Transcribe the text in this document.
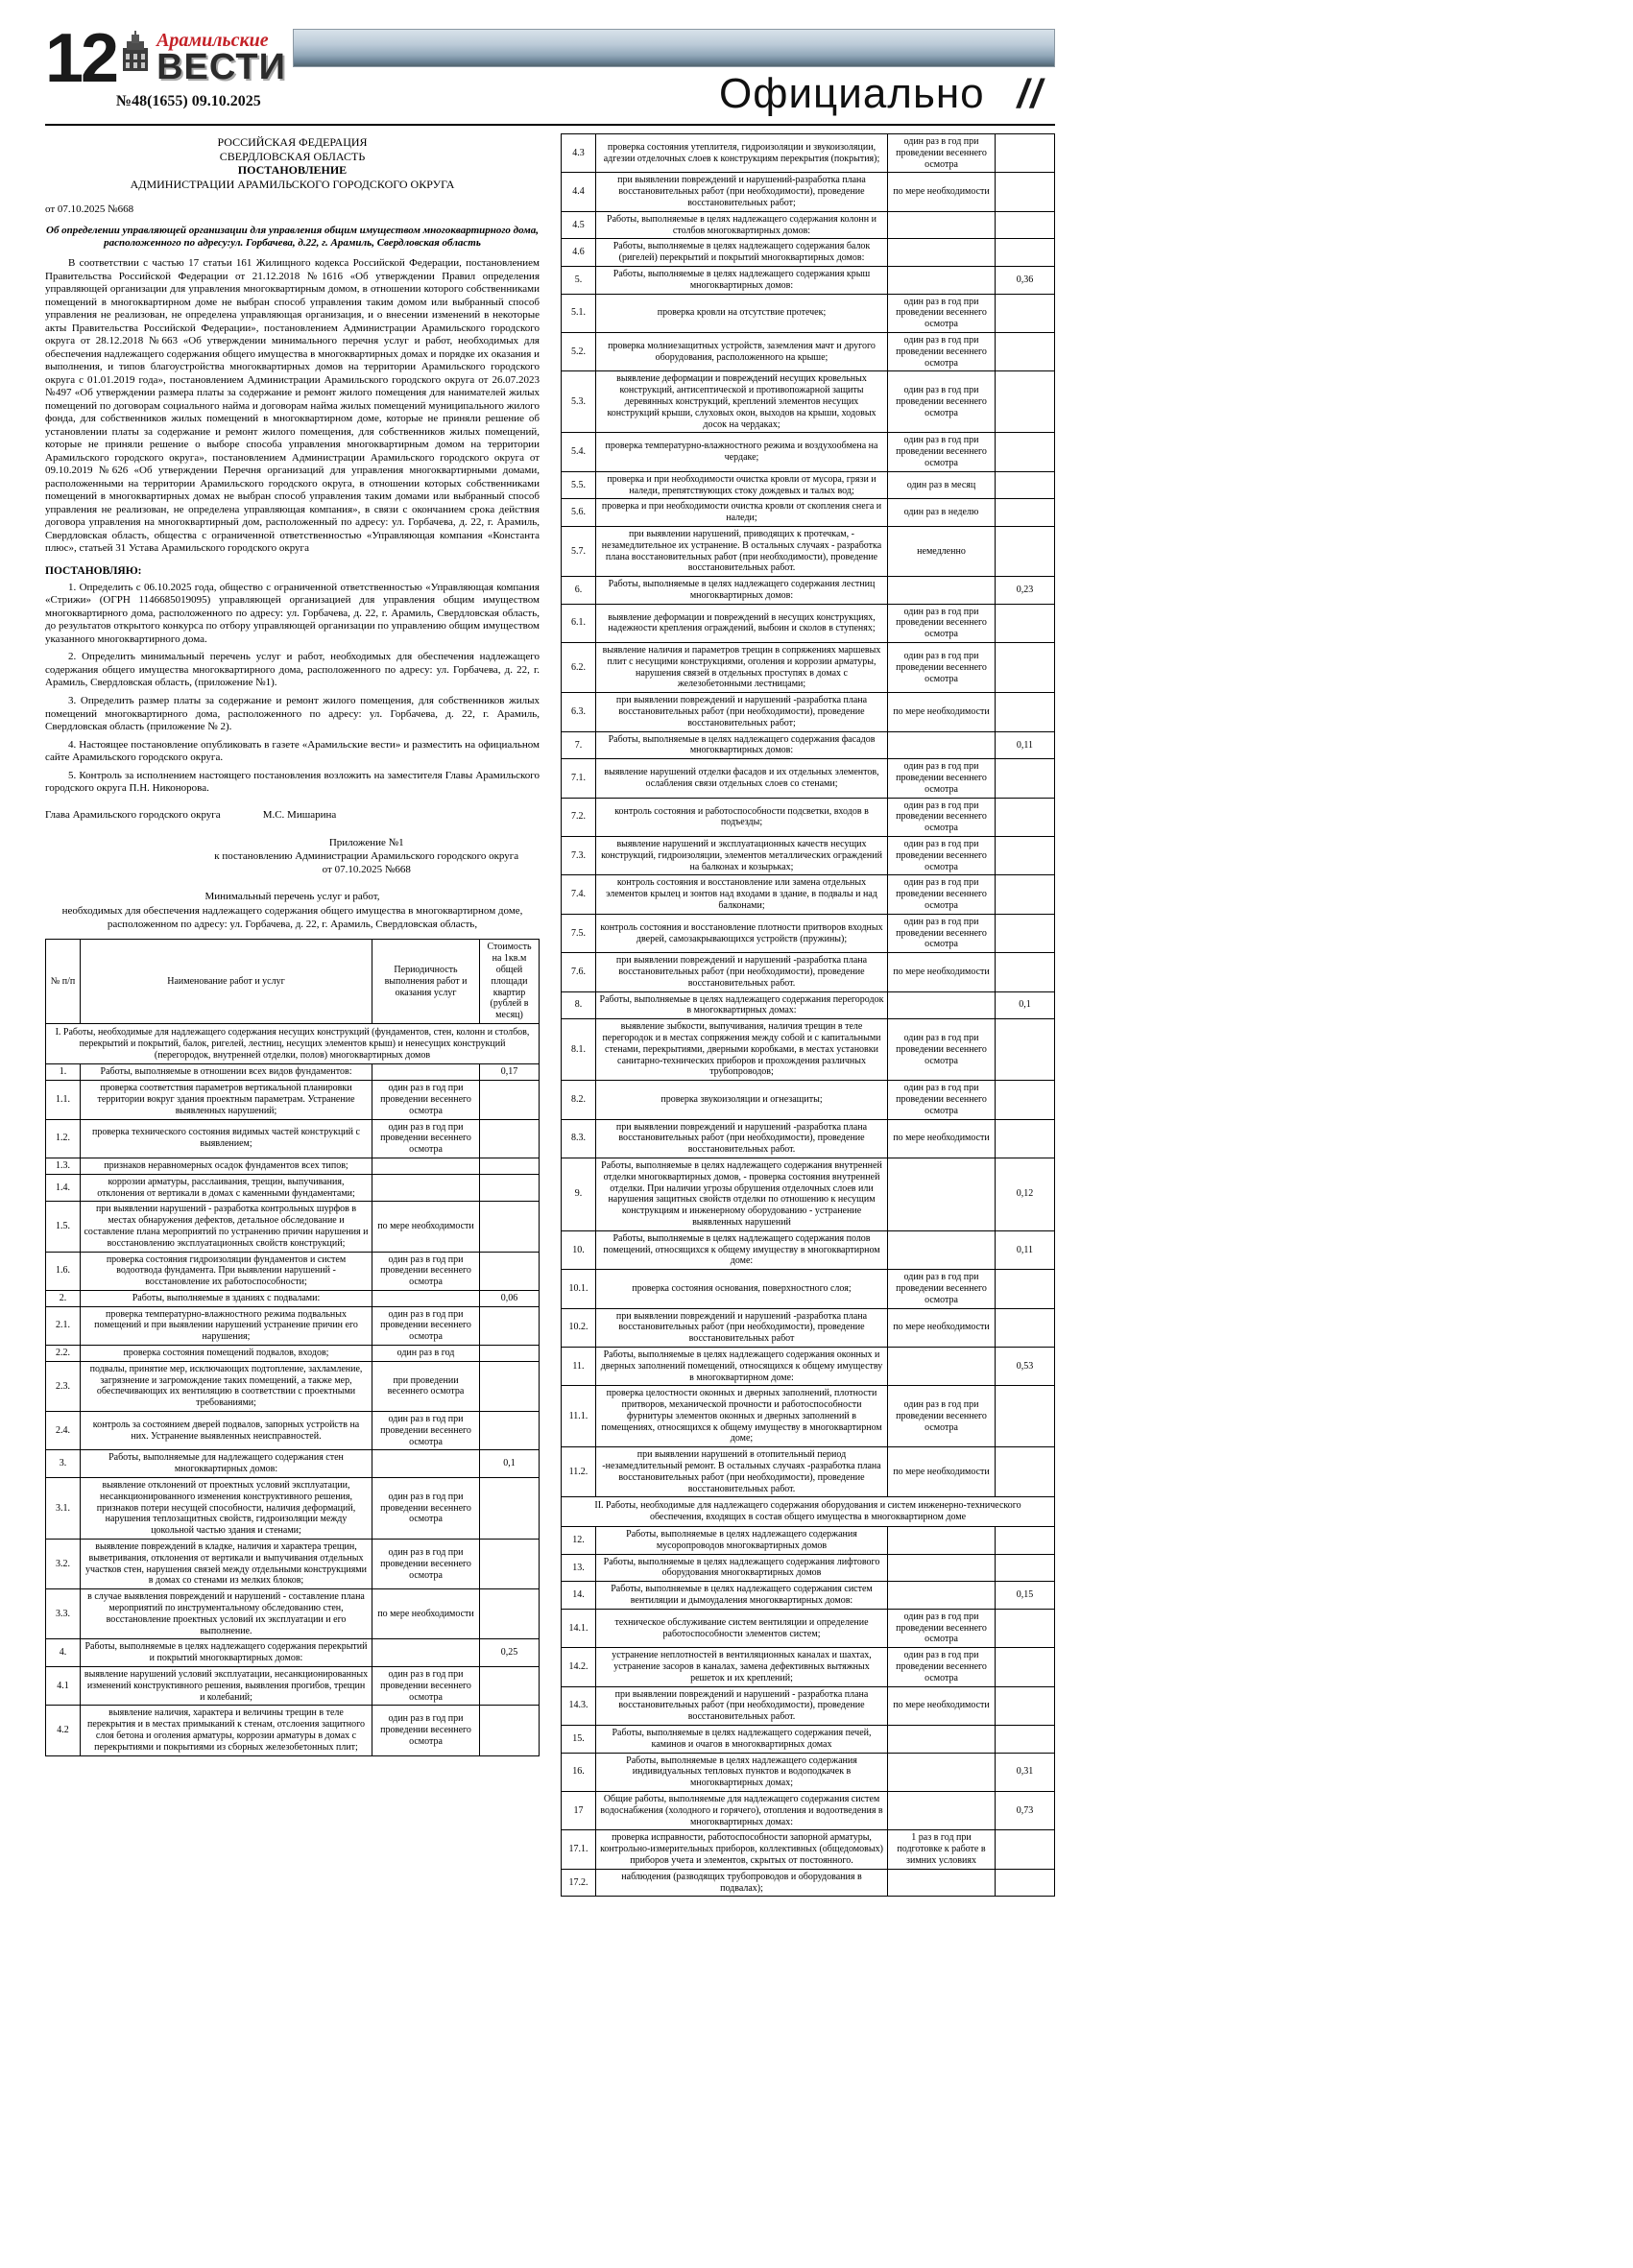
12 Арамильские
ВЕСТИ
№48(1655) 09.10.2025	Официально //
РОССИЙСКАЯ ФЕДЕРАЦИЯ
СВЕРДЛОВСКАЯ ОБЛАСТЬ
ПОСТАНОВЛЕНИЕ
АДМИНИСТРАЦИИ АРАМИЛЬСКОГО ГОРОДСКОГО ОКРУГА
от 07.10.2025 №668
Об определении управляющей организации для управления общим имуществом многоквартирного дома, расположенного по адресу:ул. Горбачева, д.22, г. Арамиль, Свердловская область
В соответствии с частью 17 статьи 161 Жилищного кодекса Российской Федерации, постановлением Правительства Российской Федерации от 21.12.2018 №1616 «Об утверждении Правил определения управляющей организации для управления многоквартирным домом, в отношении которого собственниками помещений в многоквартирном доме не выбран способ управления таким домом или выбранный способ управления не реализован, не определена управляющая организация, и о внесении изменений в некоторые акты Правительства Российской Федерации», постановлением Администрации Арамильского городского округа от 28.12.2018 №663 «Об утверждении минимального перечня услуг и работ, необходимых для обеспечения надлежащего содержания общего имущества в многоквартирных домах и порядке их оказания и выполнения, и типов благоустройства многоквартирных домов на территории Арамильского городского округа с 01.01.2019 года», постановлением Администрации Арамильского городского округа от 26.07.2023 №497 «Об утверждении размера платы за содержание и ремонт жилого помещения для нанимателей жилых помещений по договорам социального найма и договорам найма жилых помещений муниципального жилого фонда, для собственников жилых помещений в многоквартирном доме, которые не приняли решение об установлении платы за содержание и ремонт жилого помещения, для собственников жилых помещений, которые не приняли решение о выборе способа управления многоквартирным домом на территории Арамильского городского округа», постановлением Администрации Арамильского городского округа от 09.10.2019 №626 «Об утверждении Перечня организаций для управления многоквартирными домами, расположенными на территории Арамильского городского округа, в отношении которых собственниками помещений в многоквартирных домах не выбран способ управления таким домами или выбранный способ управления не реализован, не определена управляющая компания», в связи с окончанием срока действия договора управления на многоквартирный дом, расположенный по адресу: ул. Горбачева, д. 22, г. Арамиль, Свердловская область, общества с ограниченной ответственностью «Управляющая компания «Константа плюс», статьей 31 Устава Арамильского городского округа
ПОСТАНОВЛЯЮ:
1. Определить с 06.10.2025 года, общество с ограниченной ответственностью «Управляющая компания «Стрижи» (ОГРН 1146685019095) управляющей организацией для управления общим имуществом многоквартирного дома, расположенного по адресу: ул. Горбачева, д. 22, г. Арамиль, Свердловская область, до результатов открытого конкурса по отбору управляющей организации по управлению общим имуществом указанного многоквартирного дома.
2. Определить минимальный перечень услуг и работ, необходимых для обеспечения надлежащего содержания общего имущества многоквартирного дома, расположенного по адресу: ул. Горбачева, д. 22, г. Арамиль, Свердловская область, (приложение №1).
3. Определить размер платы за содержание и ремонт жилого помещения, для собственников жилых помещений многоквартирного дома, расположенного по адресу: ул. Горбачева, д. 22, г. Арамиль, Свердловская область (приложение № 2).
4. Настоящее постановление опубликовать в газете «Арамильские вести» и разместить на официальном сайте Арамильского городского округа.
5. Контроль за исполнением настоящего постановления возложить на заместителя Главы Арамильского городского округа П.Н. Никонорова.
Глава Арамильского городского округа	М.С. Мишарина
Приложение №1
к постановлению Администрации Арамильского городского округа
от 07.10.2025 №668
Минимальный перечень услуг и работ,
необходимых для обеспечения надлежащего содержания общего имущества в многоквартирном доме,
расположенном по адресу: ул. Горбачева, д. 22, г. Арамиль, Свердловская область,
№ п/п	Наименование работ и услуг	Периодичность выполнения работ и оказания услуг	Стоимость на 1кв.м общей площади квартир (рублей в месяц)
I. Работы, необходимые для надлежащего содержания несущих конструкций (фундаментов, стен, колонн и столбов, перекрытий и покрытий, балок, ригелей, лестниц, несущих элементов крыш) и ненесущих конструкций (перегородок, внутренней отделки, полов) многоквартирных домов			
1.	Работы, выполняемые в отношении всех видов фундаментов:		0,17
1.1.	проверка соответствия параметров вертикальной планировки территории вокруг здания проектным параметрам. Устранение выявленных нарушений;	один раз в год при проведении весеннего осмотра	
1.2.	проверка технического состояния видимых частей конструкций с выявлением;	один раз в год при проведении весеннего осмотра	
1.3.	признаков неравномерных осадок фундаментов всех типов;		
1.4.	коррозии арматуры, расслаивания, трещин, выпучивания, отклонения от вертикали в домах с каменными фундаментами;		
1.5.	при выявлении нарушений - разработка контрольных шурфов в местах обнаружения дефектов, детальное обследование и составление плана мероприятий по устранению причин нарушения и восстановлению эксплуатационных свойств конструкций;	по мере необходимости	
1.6.	проверка состояния гидроизоляции фундаментов и систем водоотвода фундамента. При выявлении нарушений - восстановление их работоспособности;	один раз в год при проведении весеннего осмотра	
2.	Работы, выполняемые в зданиях с подвалами:		0,06
2.1.	проверка температурно-влажностного режима подвальных помещений и при выявлении нарушений устранение причин его нарушения;	один раз в год при проведении весеннего осмотра	
2.2.	проверка состояния помещений подвалов, входов;	один раз в год	
2.3.	подвалы, принятие мер, исключающих подтопление, захламление, загрязнение и загромождение таких помещений, а также мер, обеспечивающих их вентиляцию в соответствии с проектными требованиями;	при проведении весеннего осмотра	
2.4.	контроль за состоянием дверей подвалов, запорных устройств на них. Устранение выявленных неисправностей.	один раз в год при проведении весеннего осмотра	
3.	Работы, выполняемые для надлежащего содержания стен многоквартирных домов:		0,1
3.1.	выявление отклонений от проектных условий эксплуатации, несанкционированного изменения конструктивного решения, признаков потери несущей способности, наличия деформаций, нарушения теплозащитных свойств, гидроизоляции между цокольной частью здания и стенами;	один раз в год при проведении весеннего осмотра	
3.2.	выявление повреждений в кладке, наличия и характера трещин, выветривания, отклонения от вертикали и выпучивания отдельных участков стен, нарушения связей между отдельными конструкциями в домах со стенами из мелких блоков;	один раз в год при проведении весеннего осмотра	
3.3.	в случае выявления повреждений и нарушений - составление плана мероприятий по инструментальному обследованию стен, восстановление проектных условий их эксплуатации и его выполнение.	по мере необходимости	
4.	Работы, выполняемые в целях надлежащего содержания перекрытий и покрытий многоквартирных домов:		0,25
4.1	выявление нарушений условий эксплуатации, несанкционированных изменений конструктивного решения, выявления прогибов, трещин и колебаний;	один раз в год при проведении весеннего осмотра	
4.2	выявление наличия, характера и величины трещин в теле перекрытия и в местах примыканий к стенам, отслоения защитного слоя бетона и оголения арматуры, коррозии арматуры в домах с перекрытиями и покрытиями из сборных железобетонных плит;	один раз в год при проведении весеннего осмотра	
4.3	проверка состояния утеплителя, гидроизоляции и звукоизоляции, адгезии отделочных слоев к конструкциям перекрытия (покрытия);	один раз в год при проведении весеннего осмотра	
4.4	при выявлении повреждений и нарушений-разработка плана восстановительных работ (при необходимости), проведение восстановительных работ;	по мере необходимости	
4.5	Работы, выполняемые в целях надлежащего содержания колонн и столбов многоквартирных домов:		
4.6	Работы, выполняемые в целях надлежащего содержания балок (ригелей) перекрытий и покрытий многоквартирных домов:		
5.	Работы, выполняемые в целях надлежащего содержания крыш многоквартирных домов:		0,36
5.1.	проверка кровли на отсутствие протечек;	один раз в год при проведении весеннего осмотра	
5.2.	проверка молниезащитных устройств, заземления мачт и другого оборудования, расположенного на крыше;	один раз в год при проведении весеннего осмотра	
5.3.	выявление деформации и повреждений несущих кровельных конструкций, антисептической и противопожарной защиты деревянных конструкций, креплений элементов несущих конструкций крыши, слуховых окон, выходов на крыши, ходовых досок на чердаках;	один раз в год при проведении весеннего осмотра	
5.4.	проверка температурно-влажностного режима и воздухообмена на чердаке;	один раз в год при проведении весеннего осмотра	
5.5.	проверка и при необходимости очистка кровли от мусора, грязи и наледи, препятствующих стоку дождевых и талых вод;	один раз в месяц	
5.6.	проверка и при необходимости очистка кровли от скопления снега и наледи;	один раз в неделю	
5.7.	при выявлении нарушений, приводящих к протечкам, - незамедлительное их устранение. В остальных случаях - разработка плана восстановительных работ (при необходимости), проведение восстановительных работ.	немедленно	
6.	Работы, выполняемые в целях надлежащего содержания лестниц многоквартирных домов:		0,23
6.1.	выявление деформации и повреждений в несущих конструкциях, надежности крепления ограждений, выбоин и сколов в ступенях;	один раз в год при проведении весеннего осмотра	
6.2.	выявление наличия и параметров трещин в сопряжениях маршевых плит с несущими конструкциями, оголения и коррозии арматуры, нарушения связей в отдельных проступях в домах с железобетонными лестницами;	один раз в год при проведении весеннего осмотра	
6.3.	при выявлении повреждений и нарушений -разработка плана восстановительных работ (при необходимости), проведение восстановительных работ;	по мере необходимости	
7.	Работы, выполняемые в целях надлежащего содержания фасадов многоквартирных домов:		0,11
7.1.	выявление нарушений отделки фасадов и их отдельных элементов, ослабления связи отдельных слоев со стенами;	один раз в год при проведении весеннего осмотра	
7.2.	контроль состояния и работоспособности подсветки, входов в подъезды;	один раз в год при проведении весеннего осмотра	
7.3.	выявление нарушений и эксплуатационных качеств несущих конструкций, гидроизоляции, элементов металлических ограждений на балконах и козырьках;	один раз в год при проведении весеннего осмотра	
7.4.	контроль состояния и восстановление или замена отдельных элементов крылец и зонтов над входами в здание, в подвалы и над балконами;	один раз в год при проведении весеннего осмотра	
7.5.	контроль состояния и восстановление плотности притворов входных дверей, самозакрывающихся устройств (пружины);	один раз в год при проведении весеннего осмотра	
7.6.	при выявлении повреждений и нарушений -разработка плана восстановительных работ (при необходимости), проведение восстановительных работ.	по мере необходимости	
8.	Работы, выполняемые в целях надлежащего содержания перегородок в многоквартирных домах:		0,1
8.1.	выявление зыбкости, выпучивания, наличия трещин в теле перегородок и в местах сопряжения между собой и с капитальными стенами, перекрытиями, дверными коробками, в местах установки санитарно-технических приборов и прохождения различных трубопроводов;	один раз в год при проведении весеннего осмотра	
8.2.	проверка звукоизоляции и огнезащиты;	один раз в год при проведении весеннего осмотра	
8.3.	при выявлении повреждений и нарушений -разработка плана восстановительных работ (при необходимости), проведение восстановительных работ.	по мере необходимости	
9.	Работы, выполняемые в целях надлежащего содержания внутренней отделки многоквартирных домов, - проверка состояния внутренней отделки. При наличии угрозы обрушения отделочных слоев или нарушения защитных свойств отделки по отношению к несущим конструкциям и инженерному оборудованию - устранение выявленных нарушений		0,12
10.	Работы, выполняемые в целях надлежащего содержания полов помещений, относящихся к общему имуществу в многоквартирном доме:		0,11
10.1.	проверка состояния основания, поверхностного слоя;	один раз в год при проведении весеннего осмотра	
10.2.	при выявлении повреждений и нарушений -разработка плана восстановительных работ (при необходимости), проведение восстановительных работ	по мере необходимости	
11.	Работы, выполняемые в целях надлежащего содержания оконных и дверных заполнений помещений, относящихся к общему имуществу в многоквартирном доме:		0,53
11.1.	проверка целостности оконных и дверных заполнений, плотности притворов, механической прочности и работоспособности фурнитуры элементов оконных и дверных заполнений в помещениях, относящихся к общему имуществу в многоквартирном доме;	один раз в год при проведении весеннего осмотра	
11.2.	при выявлении нарушений в отопительный период -незамедлительный ремонт. В остальных случаях -разработка плана восстановительных работ (при необходимости), проведение восстановительных работ.	по мере необходимости	
II. Работы, необходимые для надлежащего содержания оборудования и систем инженерно-технического обеспечения, входящих в состав общего имущества в многоквартирном доме			
12.	Работы, выполняемые в целях надлежащего содержания мусоропроводов многоквартирных домов		
13.	Работы, выполняемые в целях надлежащего содержания лифтового оборудования многоквартирных домов		
14.	Работы, выполняемые в целях надлежащего содержания систем вентиляции и дымоудаления многоквартирных домов:		0,15
14.1.	техническое обслуживание систем вентиляции и определение работоспособности элементов систем;	один раз в год при проведении весеннего осмотра	
14.2.	устранение неплотностей в вентиляционных каналах и шахтах, устранение засоров в каналах, замена дефективных вытяжных решеток и их креплений;	один раз в год при проведении весеннего осмотра	
14.3.	при выявлении повреждений и нарушений - разработка плана восстановительных работ (при необходимости), проведение восстановительных работ.	по мере необходимости	
15.	Работы, выполняемые в целях надлежащего содержания печей, каминов и очагов в многоквартирных домах		
16.	Работы, выполняемые в целях надлежащего содержания индивидуальных тепловых пунктов и водоподкачек в многоквартирных домах;		0,31
17	Общие работы, выполняемые для надлежащего содержания систем водоснабжения (холодного и горячего), отопления и водоотведения в многоквартирных домах:		0,73
17.1.	проверка исправности, работоспособности запорной арматуры, контрольно-измерительных приборов, коллективных (общедомовых) приборов учета и элементов, скрытых от постоянного.	1 раз в год при подготовке к работе в зимних условиях	
17.2.	наблюдения (разводящих трубопроводов и оборудования в подвалах);		
